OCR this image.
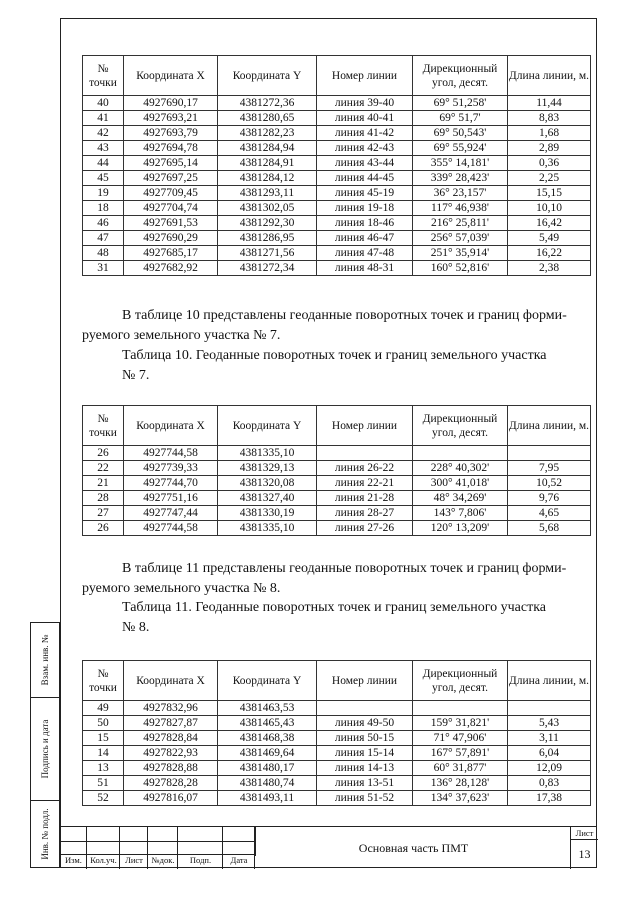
№ точки	Координата X	Координата Y	Номер линии	Дирекционный угол, десят.	Длина линии, м.
40	4927690,17	4381272,36	линия 39-40	69° 51,258'	11,44
41	4927693,21	4381280,65	линия 40-41	69° 51,7'	8,83
42	4927693,79	4381282,23	линия 41-42	69° 50,543'	1,68
43	4927694,78	4381284,94	линия 42-43	69° 55,924'	2,89
44	4927695,14	4381284,91	линия 43-44	355° 14,181'	0,36
45	4927697,25	4381284,12	линия 44-45	339° 28,423'	2,25
19	4927709,45	4381293,11	линия 45-19	36° 23,157'	15,15
18	4927704,74	4381302,05	линия 19-18	117° 46,938'	10,10
46	4927691,53	4381292,30	линия 18-46	216° 25,811'	16,42
47	4927690,29	4381286,95	линия 46-47	256° 57,039'	5,49
48	4927685,17	4381271,56	линия 47-48	251° 35,914'	16,22
31	4927682,92	4381272,34	линия 48-31	160° 52,816'	2,38
В таблице 10 представлены геоданные поворотных точек и границ форми-
руемого земельного участка № 7.
Таблица 10. Геоданные поворотных точек и границ земельного участка
№ 7.
№ точки	Координата X	Координата Y	Номер линии	Дирекционный угол, десят.	Длина линии, м.
26	4927744,58	4381335,10			
22	4927739,33	4381329,13	линия 26-22	228° 40,302'	7,95
21	4927744,70	4381320,08	линия 22-21	300° 41,018'	10,52
28	4927751,16	4381327,40	линия 21-28	48° 34,269'	9,76
27	4927747,44	4381330,19	линия 28-27	143° 7,806'	4,65
26	4927744,58	4381335,10	линия 27-26	120° 13,209'	5,68
В таблице 11 представлены геоданные поворотных точек и границ форми-
руемого земельного участка № 8.
Таблица 11. Геоданные поворотных точек и границ земельного участка
№ 8.
№ точки	Координата X	Координата Y	Номер линии	Дирекционный угол, десят.	Длина линии, м.
49	4927832,96	4381463,53			
50	4927827,87	4381465,43	линия 49-50	159° 31,821'	5,43
15	4927828,84	4381468,38	линия 50-15	71° 47,906'	3,11
14	4927822,93	4381469,64	линия 15-14	167° 57,891'	6,04
13	4927828,88	4381480,17	линия 14-13	60° 31,877'	12,09
51	4927828,28	4381480,74	линия 13-51	136° 28,128'	0,83
52	4927816,07	4381493,11	линия 51-52	134° 37,623'	17,38
Взам. инв. №
Подпись и дата
Инв. № подл.
Изм. Кол.уч. Лист	№док.	Подп.	Дата
Основная часть ПМТ
Лист
13
